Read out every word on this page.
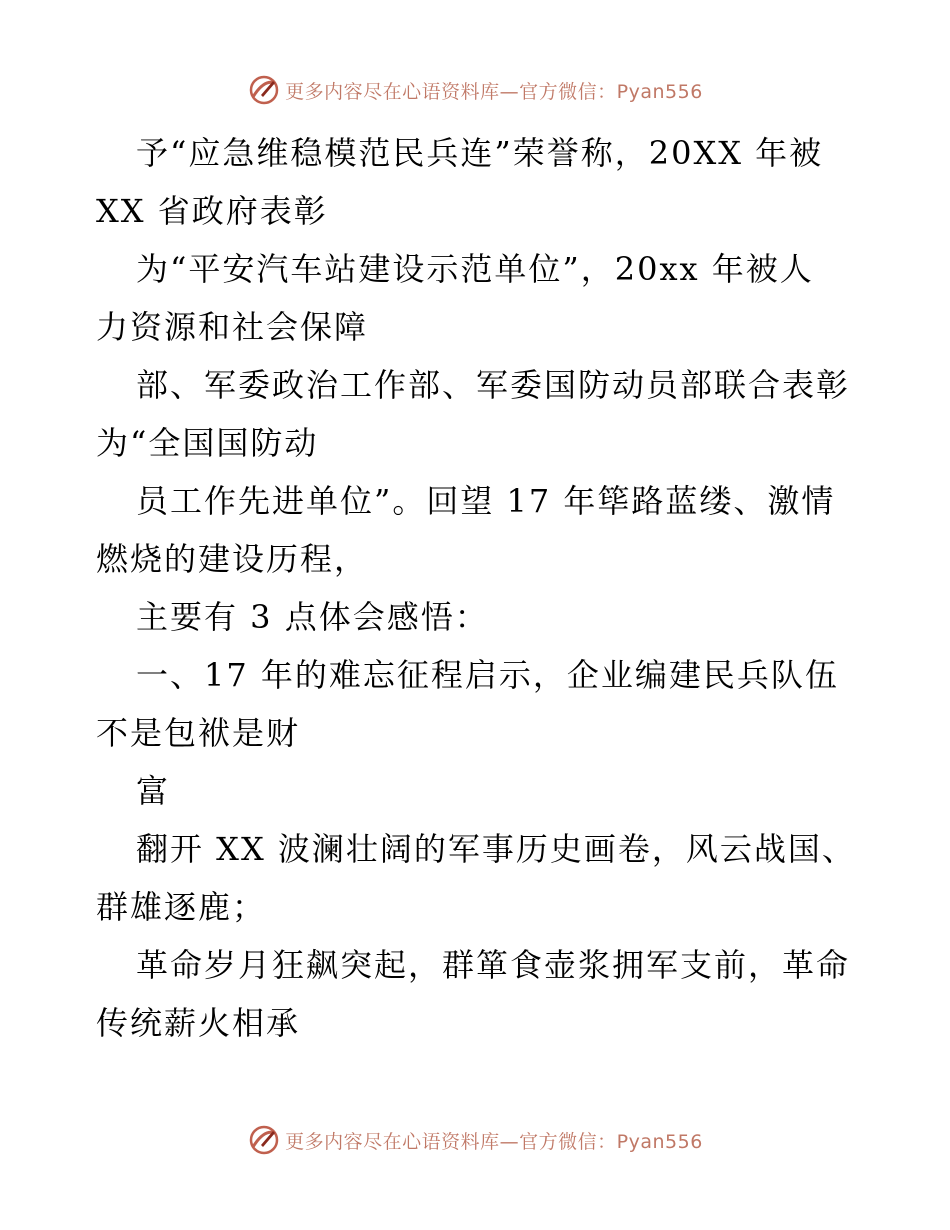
更多内容尽在心语资料库—官方微信：Pyan556
予“应急维稳模范民兵连”荣誉称，20XX 年被
XX 省政府表彰
为“平安汽车站建设示范单位”，20xx 年被人
力资源和社会保障
部、军委政治工作部、军委国防动员部联合表彰
为“全国国防动
员工作先进单位”。回望 17 年筚路蓝缕、激情
燃烧的建设历程，
主要有 3 点体会感悟：
一、17 年的难忘征程启示，企业编建民兵队伍
不是包袱是财
富
翻开 XX 波澜壮阔的军事历史画卷，风云战国、
群雄逐鹿；
革命岁月狂飙突起，群箪食壶浆拥军支前，革命
传统薪火相承
更多内容尽在心语资料库—官方微信：Pyan556
